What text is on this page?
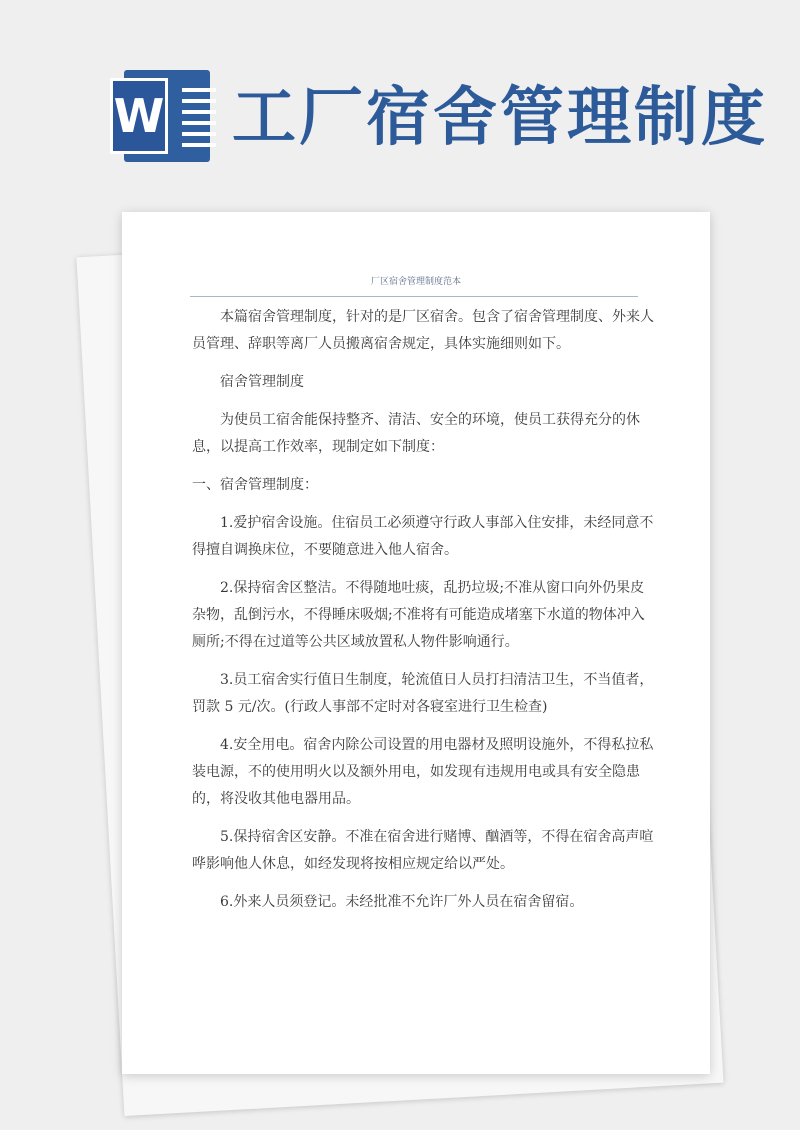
W 工厂宿舍管理制度
厂区宿舍管理制度范本

本篇宿舍管理制度，针对的是厂区宿舍。包含了宿舍管理制度、外来人员管理、辞职等离厂人员搬离宿舍规定，具体实施细则如下。

宿舍管理制度

为使员工宿舍能保持整齐、清洁、安全的环境，使员工获得充分的休息，以提高工作效率，现制定如下制度：

一、宿舍管理制度：

1.爱护宿舍设施。住宿员工必须遵守行政人事部入住安排，未经同意不得擅自调换床位，不要随意进入他人宿舍。

2.保持宿舍区整洁。不得随地吐痰，乱扔垃圾;不准从窗口向外仍果皮杂物，乱倒污水，不得睡床吸烟;不准将有可能造成堵塞下水道的物体冲入厕所;不得在过道等公共区域放置私人物件影响通行。

3.员工宿舍实行值日生制度，轮流值日人员打扫清洁卫生，不当值者，罚款 5 元/次。(行政人事部不定时对各寝室进行卫生检查)

4.安全用电。宿舍内除公司设置的用电器材及照明设施外，不得私拉私装电源，不的使用明火以及额外用电，如发现有违规用电或具有安全隐患的，将没收其他电器用品。

5.保持宿舍区安静。不准在宿舍进行赌博、酗酒等，不得在宿舍高声喧哗影响他人休息，如经发现将按相应规定给以严处。

6.外来人员须登记。未经批准不允许厂外人员在宿舍留宿。
